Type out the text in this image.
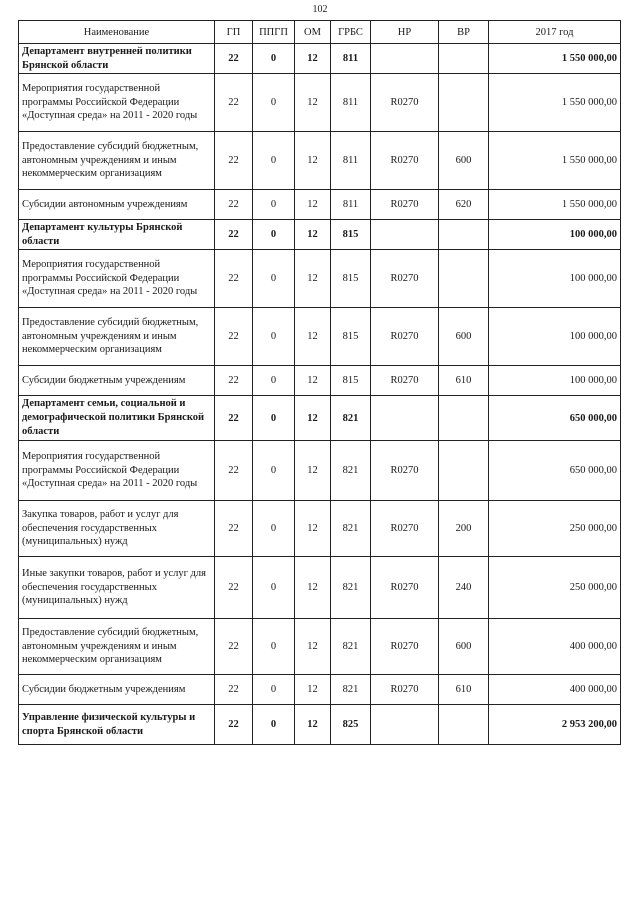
102
Наименование	ГП	ППГП	ОМ	ГРБС	НР	ВР	2017 год
Департамент внутренней политики Брянской области	22	0	12	811			1 550 000,00
Мероприятия государственной программы Российской Федерации «Доступная среда» на 2011 - 2020 годы	22	0	12	811	R0270		1 550 000,00
Предоставление субсидий бюджетным, автономным учреждениям и иным некоммерческим организациям	22	0	12	811	R0270	600	1 550 000,00
Субсидии автономным учреждениям	22	0	12	811	R0270	620	1 550 000,00
Департамент культуры Брянской области	22	0	12	815			100 000,00
Мероприятия государственной программы Российской Федерации «Доступная среда» на 2011 - 2020 годы	22	0	12	815	R0270		100 000,00
Предоставление субсидий бюджетным, автономным учреждениям и иным некоммерческим организациям	22	0	12	815	R0270	600	100 000,00
Субсидии бюджетным учреждениям	22	0	12	815	R0270	610	100 000,00
Департамент семьи, социальной и демографической политики Брянской области	22	0	12	821			650 000,00
Мероприятия государственной программы Российской Федерации «Доступная среда» на 2011 - 2020 годы	22	0	12	821	R0270		650 000,00
Закупка товаров, работ и услуг для обеспечения государственных (муниципальных) нужд	22	0	12	821	R0270	200	250 000,00
Иные закупки товаров, работ и услуг для обеспечения государственных (муниципальных) нужд	22	0	12	821	R0270	240	250 000,00
Предоставление субсидий бюджетным, автономным учреждениям и иным некоммерческим организациям	22	0	12	821	R0270	600	400 000,00
Субсидии бюджетным учреждениям	22	0	12	821	R0270	610	400 000,00
Управление физической культуры и спорта Брянской области	22	0	12	825			2 953 200,00
